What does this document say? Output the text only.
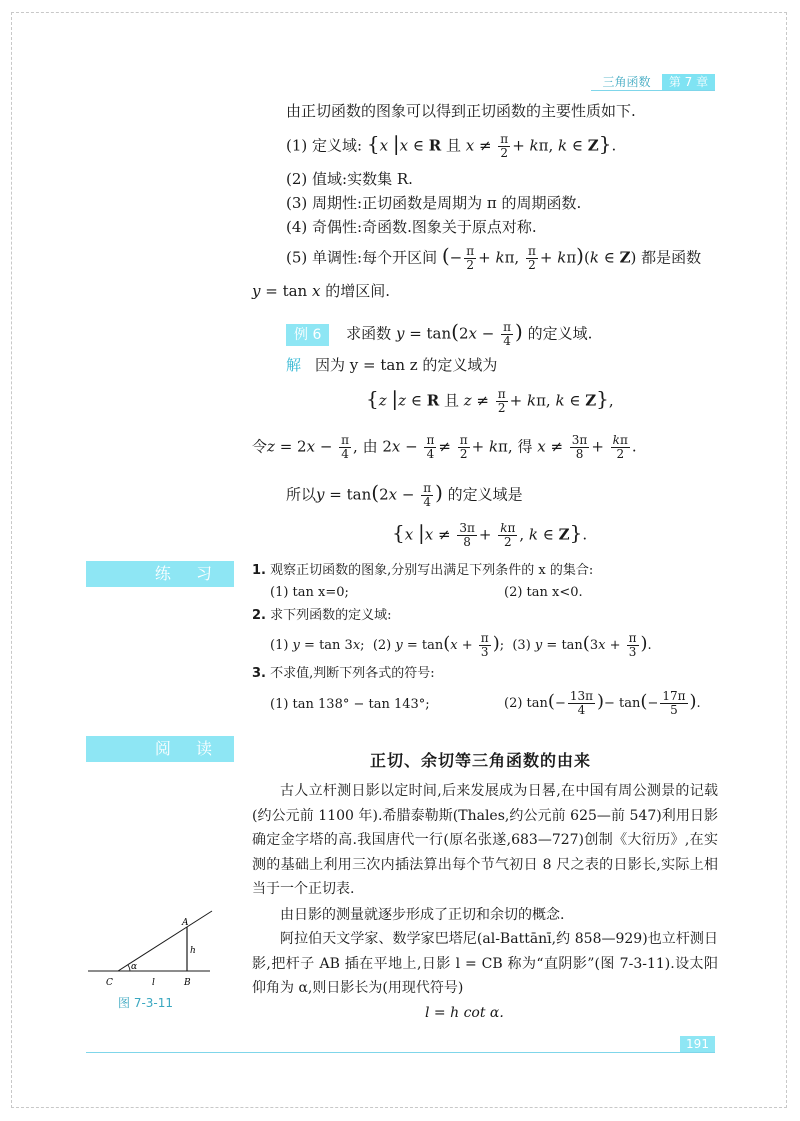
三角函数	第 7 章
由正切函数的图象可以得到正切函数的主要性质如下.
(1) 定义域: {x |x ∈ R 且 $x \ne \frac{\pi}{2} + k\pi$, k ∈ Z}.
(2) 值域:实数集 R.
(3) 周期性:正切函数是周期为 π 的周期函数.
(4) 奇偶性:奇函数.图象关于原点对称.
(5) 单调性:每个开区间 (− $\frac{\pi}{2} + k\pi$, $\frac{\pi}{2} + k\pi)(k$ ∈ Z) 都是函数
y = tan x 的增区间.
例 6 求函数 $y = \tan(2x - \frac{\pi}{4}$ ) 的定义域.
解 因为 y = tan z 的定义域为
{z |z ∈ R 且 $z \ne \frac{\pi}{2} + k\pi$, k ∈ Z},
令$z = 2x - \frac{\pi}{4}$ , 由 $2x - \frac{\pi}{4} \ne \frac{\pi}{2} + k\pi$, 得 $x \ne \frac{3\pi}{8} + \frac{k\pi}{2}$ .
所以$y = \tan(2x - \frac{\pi}{4}$ ) 的定义域是
{x $|x \ne \frac{3\pi}{8} + \frac{k\pi}{2}$ , k ∈ Z}.
练 习	1. 观察正切函数的图象,分别写出满足下列条件的 x 的集合:
(1) tan x=0;	(2) tan x<0.
2. 求下列函数的定义域:
(1) y = tan 3x;  (2) $y = \tan(x + \frac{\pi}{3}$ );  (3) $y = \tan(3x + \frac{\pi}{3}$ ).
3. 不求值,判断下列各式的符号:
(1) tan 138° − tan 143°;	(2) $\tan(- \frac{13\pi}{4}$ )− $\tan(- \frac{17\pi}{5}$ ).
阅 读
正切、余切等三角函数的由来
古人立杆测日影以定时间,后来发展成为日晷,在中国有周公测景的记载(约公元前 1100 年).希腊泰勒斯(Thales,约公元前 625—前 547)利用日影确定金字塔的高.我国唐代一行(原名张遂,683—727)创制《大衍历》,在实测的基础上利用三次内插法算出每个节气初日 8 尺之表的日影长,实际上相当于一个正切表.
由日影的测量就逐步形成了正切和余切的概念.
阿拉伯天文学家、数学家巴塔尼(al-Battānī,约 858—929)也立杆测日影,把杆子 AB 插在平地上,日影 l = CB 称为“直阴影”(图 7-3-11).设太阳仰角为 α,则日影长为(用现代符号)
l = h cot α.
A
h
α
l
C	B
图 7-3-11
191
